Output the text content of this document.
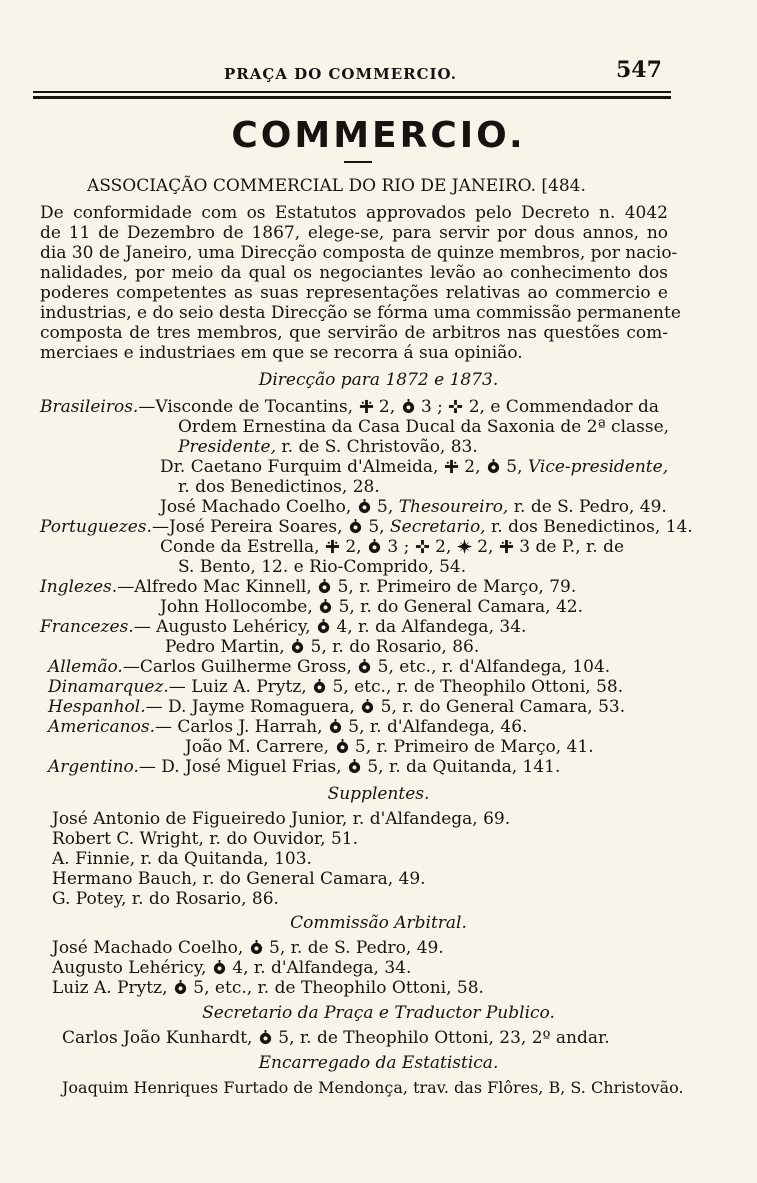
PRAÇA DO COMMERCIO.	547
COMMERCIO.
ASSOCIAÇÃO COMMERCIAL DO RIO DE JANEIRO. [484.
De conformidade com os Estatutos approvados pelo Decreto n. 4042
de 11 de Dezembro de 1867, elege-se, para servir por dous annos, no
dia 30 de Janeiro, uma Direcção composta de quinze membros, por nacio-
nalidades, por meio da qual os negociantes levão ao conhecimento dos
poderes competentes as suas representações relativas ao commercio e
industrias, e do seio desta Direcção se fórma uma commissão permanente
composta de tres membros, que servirão de arbitros nas questões com-
merciaes e industriaes em que se recorra á sua opinião.
Direcção para 1872 e 1873.
Brasileiros.—Visconde de Tocantins, 2, 3 ; 2, e Commendador da
Ordem Ernestina da Casa Ducal da Saxonia de 2ª classe,
Presidente, r. de S. Christovão, 83.
Dr. Caetano Furquim d'Almeida, 2, 5, Vice-presidente,
r. dos Benedictinos, 28.
José Machado Coelho, 5, Thesoureiro, r. de S. Pedro, 49.
Portuguezes.—José Pereira Soares, 5, Secretario, r. dos Benedictinos, 14.
Conde da Estrella, 2, 3 ; 2, 2, 3 de P., r. de
S. Bento, 12. e Rio-Comprido, 54.
Inglezes.—Alfredo Mac Kinnell, 5, r. Primeiro de Março, 79.
John Hollocombe, 5, r. do General Camara, 42.
Francezes.— Augusto Lehéricy, 4, r. da Alfandega, 34.
Pedro Martin, 5, r. do Rosario, 86.
Allemão.—Carlos Guilherme Gross, 5, etc., r. d'Alfandega, 104.
Dinamarquez.— Luiz A. Prytz, 5, etc., r. de Theophilo Ottoni, 58.
Hespanhol.— D. Jayme Romaguera, 5, r. do General Camara, 53.
Americanos.— Carlos J. Harrah, 5, r. d'Alfandega, 46.
João M. Carrere, 5, r. Primeiro de Março, 41.
Argentino.— D. José Miguel Frias, 5, r. da Quitanda, 141.
Supplentes.
José Antonio de Figueiredo Junior, r. d'Alfandega, 69.
Robert C. Wright, r. do Ouvidor, 51.
A. Finnie, r. da Quitanda, 103.
Hermano Bauch, r. do General Camara, 49.
G. Potey, r. do Rosario, 86.
Commissão Arbitral.
José Machado Coelho, 5, r. de S. Pedro, 49.
Augusto Lehéricy, 4, r. d'Alfandega, 34.
Luiz A. Prytz, 5, etc., r. de Theophilo Ottoni, 58.
Secretario da Praça e Traductor Publico.
Carlos João Kunhardt, 5, r. de Theophilo Ottoni, 23, 2º andar.
Encarregado da Estatistica.
Joaquim Henriques Furtado de Mendonça, trav. das Flôres, B, S. Christovão.
